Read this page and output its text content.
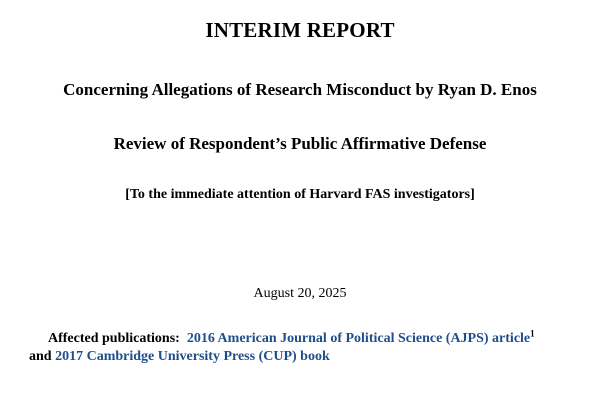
INTERIM REPORT
Concerning Allegations of Research Misconduct by Ryan D. Enos
Review of Respondent’s Public Affirmative Defense
[To the immediate attention of Harvard FAS investigators]
August 20, 2025
Affected publications: 2016 American Journal of Political Science (AJPS) article$^1$
and 2017 Cambridge University Press (CUP) book
